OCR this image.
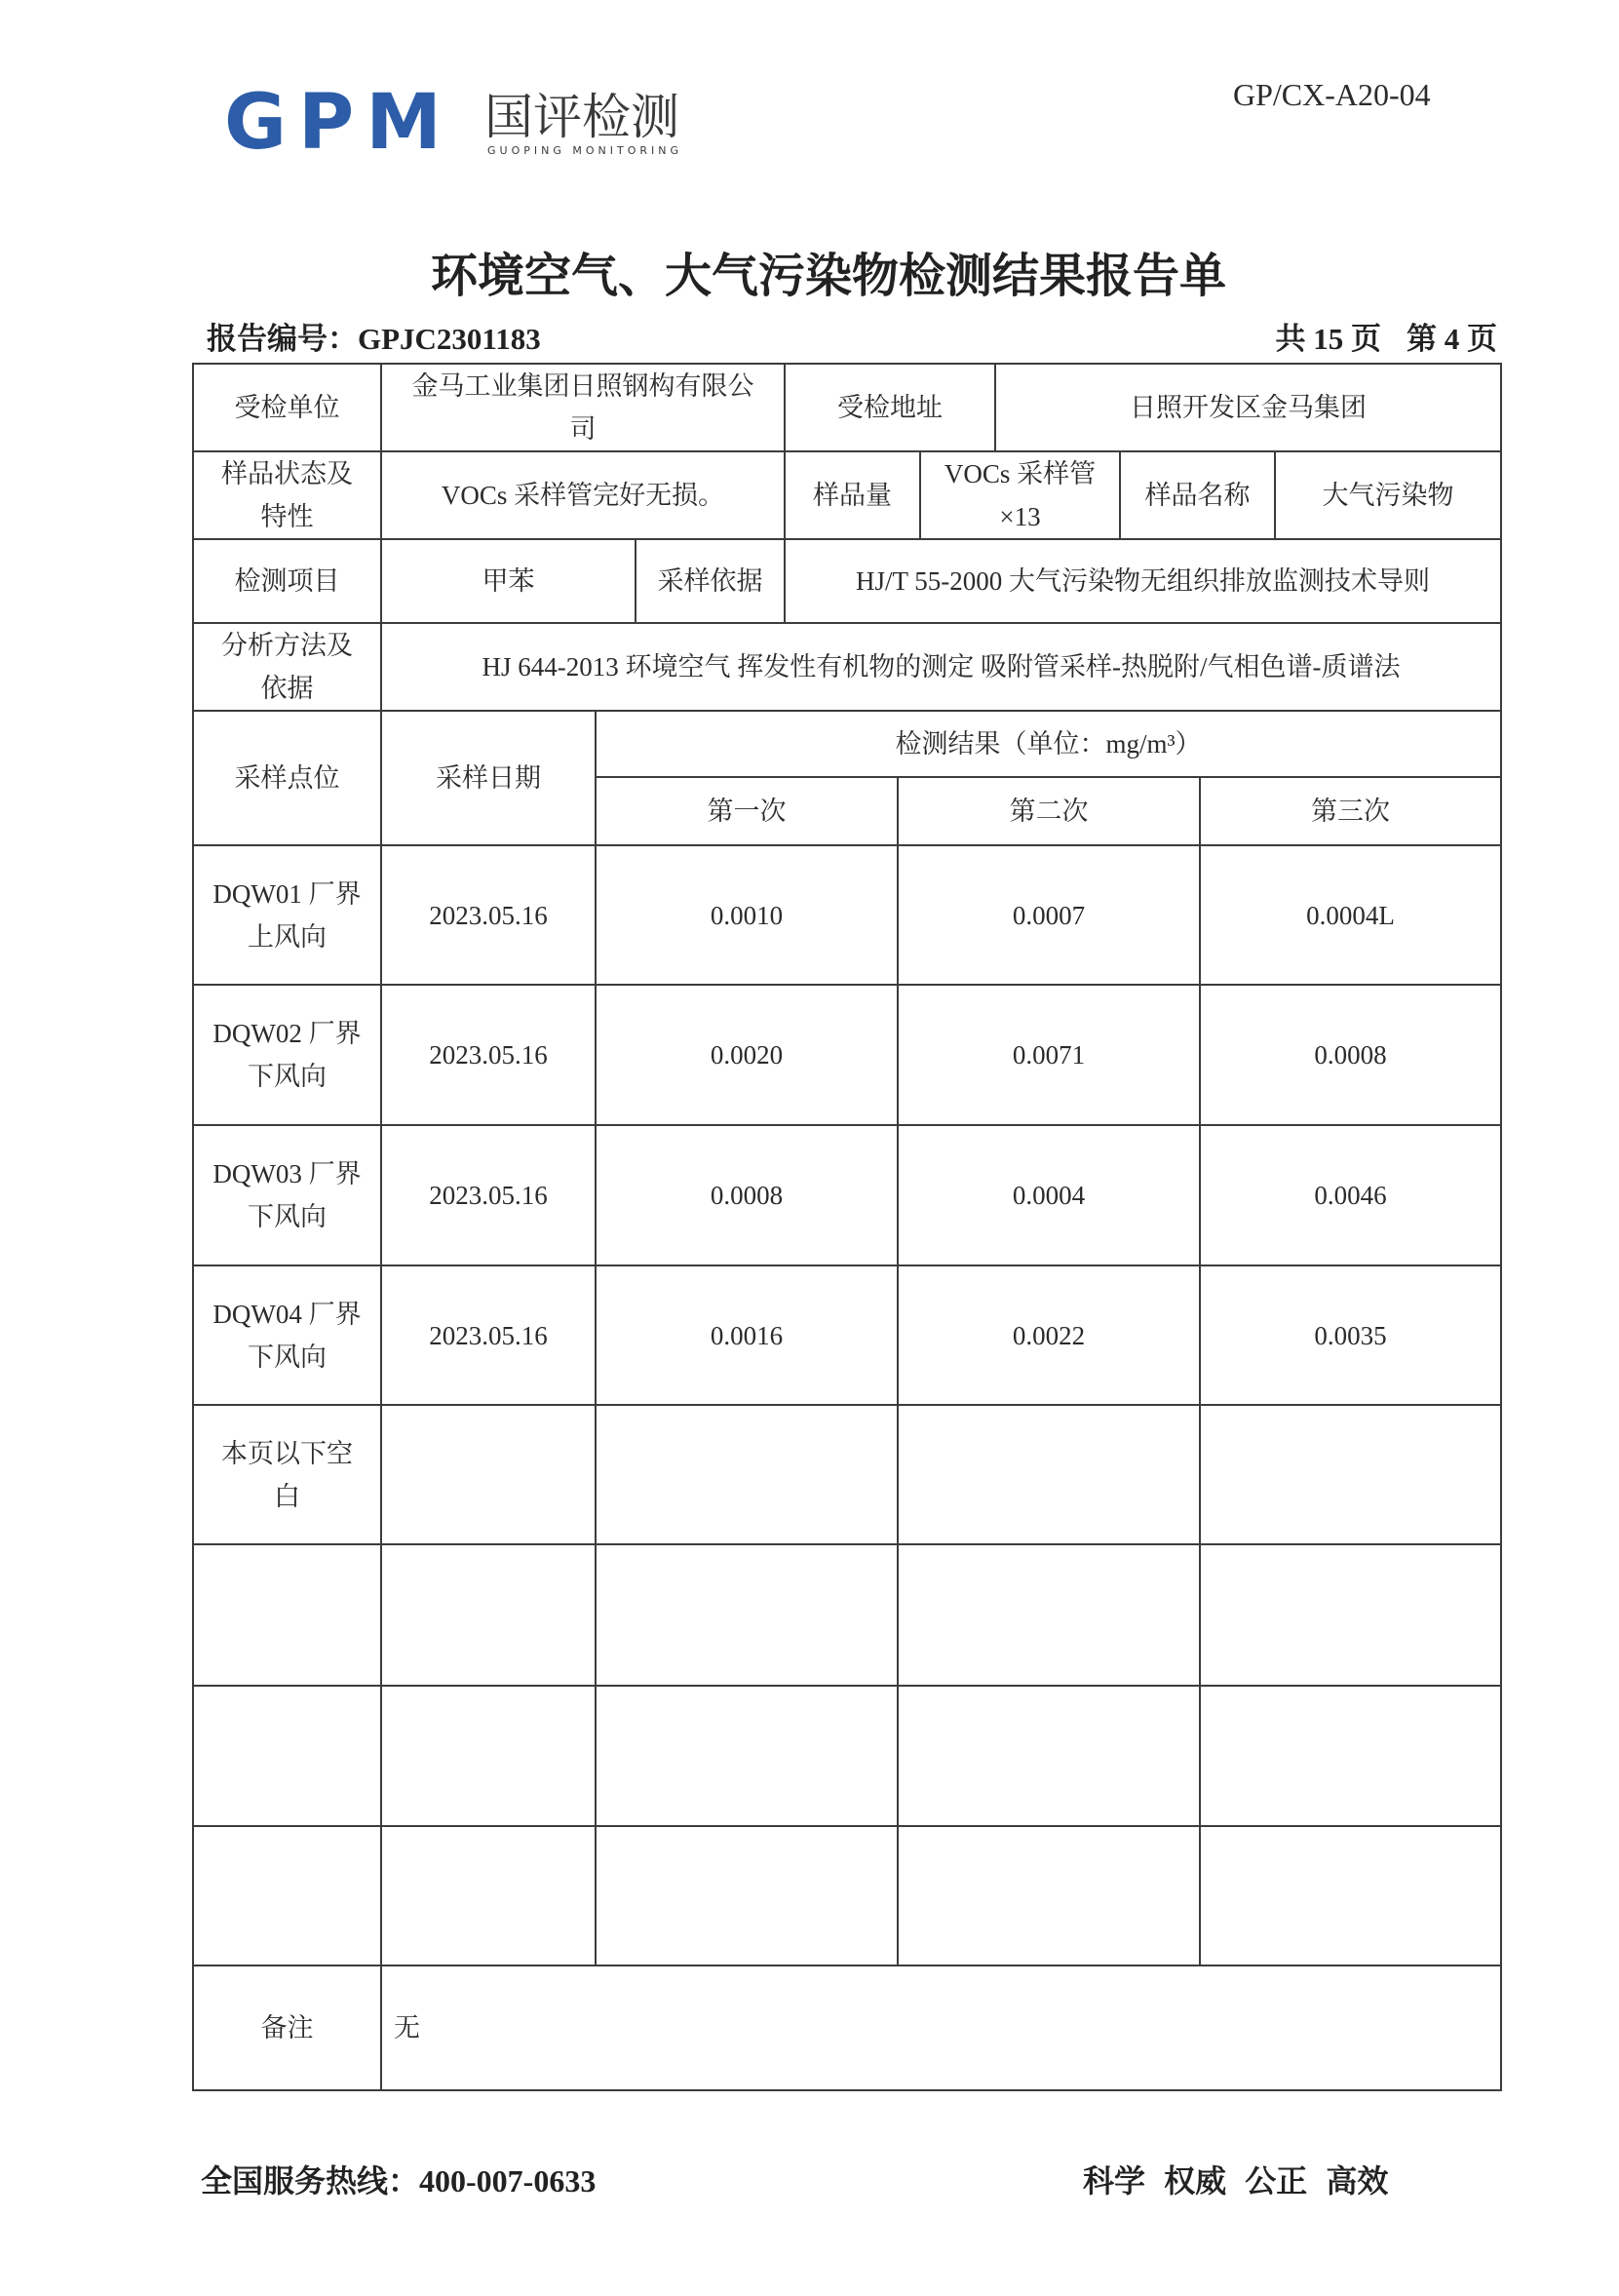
GPM 国评检测
GUOPING MONITORING
GP/CX-A20-04
环境空气、大气污染物检测结果报告单
报告编号：GPJC2301183	共 15 页 第 4 页
受检单位	金马工业集团日照钢构有限公司			受检地址			日照开发区金马集团			
样品状态及特性	VOCs 采样管完好无损。			样品量		VOCs 采样管×13		样品名称		大气污染物
检测项目	甲苯		采样依据	HJ/T 55-2000 大气污染物无组织排放监测技术导则						
分析方法及依据	HJ 644-2013 环境空气 挥发性有机物的测定 吸附管采样-热脱附/气相色谱-质谱法									
采样点位	采样日期	检测结果（单位：mg/m³）								
		第一次			第二次				第三次	
DQW01 厂界上风向	2023.05.16	0.0010			0.0007				0.0004L	
DQW02 厂界下风向	2023.05.16	0.0020			0.0071				0.0008	
DQW03 厂界下风向	2023.05.16	0.0008			0.0004				0.0046	
DQW04 厂界下风向	2023.05.16	0.0016			0.0022				0.0035	
本页以下空白										

备注	无									
全国服务热线：400-007-0633	科学 权威 公正 高效
